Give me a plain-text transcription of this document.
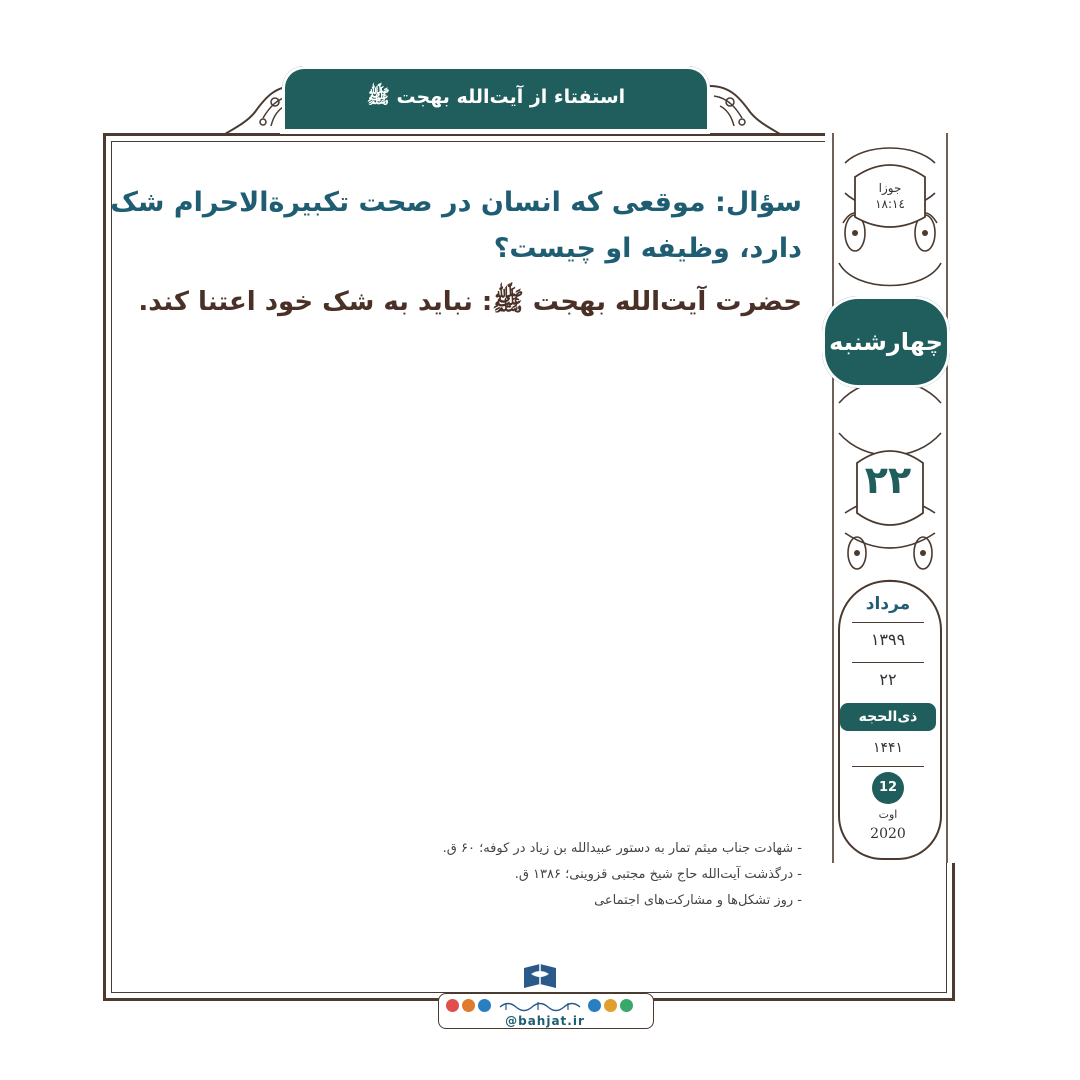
استفتاء از آیت‌الله بهجت ﷺ
سؤال: موقعی که انسان در صحت تکبیرة‌الاحرام شک دارد، وظیفه او چیست؟
حضرت آیت‌الله بهجت ﷺ: نباید به شک خود اعتنا کند.
- شهادت جناب میثم تمار به دستور عبیدالله بن زیاد در کوفه؛ ۶۰ ق.
- درگذشت آیت‌الله حاج شیخ مجتبی قزوینی؛ ۱۳۸۶ ق.
- روز تشکل‌ها و مشارکت‌های اجتماعی
جوزا
۱۸:۱٤
چهارشنبه
۲۲
مرداد
۱۳۹۹
۲۲
ذی‌الحجه
۱۴۴۱
12
اوت
2020
@bahjat.ir
